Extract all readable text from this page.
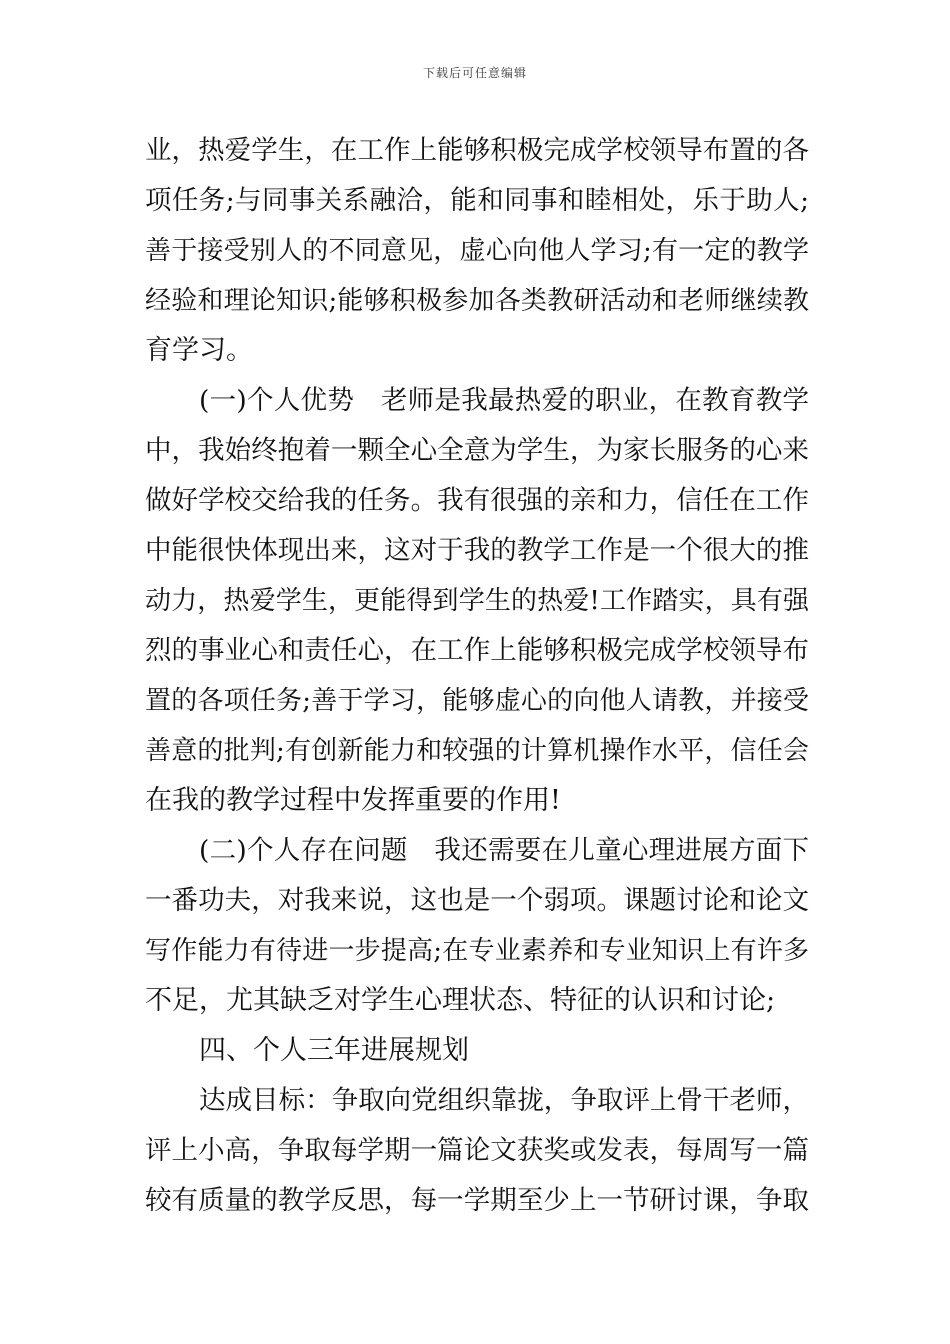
下载后可任意编辑
业，热爱学生，在工作上能够积极完成学校领导布置的各
项任务;与同事关系融洽，能和同事和睦相处，乐于助人;
善于接受别人的不同意见，虚心向他人学习;有一定的教学
经验和理论知识;能够积极参加各类教研活动和老师继续教
育学习。
(一)个人优势　老师是我最热爱的职业，在教育教学
中，我始终抱着一颗全心全意为学生，为家长服务的心来
做好学校交给我的任务。我有很强的亲和力，信任在工作
中能很快体现出来，这对于我的教学工作是一个很大的推
动力，热爱学生，更能得到学生的热爱!工作踏实，具有强
烈的事业心和责任心，在工作上能够积极完成学校领导布
置的各项任务;善于学习，能够虚心的向他人请教，并接受
善意的批判;有创新能力和较强的计算机操作水平，信任会
在我的教学过程中发挥重要的作用!
(二)个人存在问题　我还需要在儿童心理进展方面下
一番功夫，对我来说，这也是一个弱项。课题讨论和论文
写作能力有待进一步提高;在专业素养和专业知识上有许多
不足，尤其缺乏对学生心理状态、特征的认识和讨论;
四、个人三年进展规划
达成目标：争取向党组织靠拢，争取评上骨干老师，
评上小高，争取每学期一篇论文获奖或发表，每周写一篇
较有质量的教学反思，每一学期至少上一节研讨课，争取
